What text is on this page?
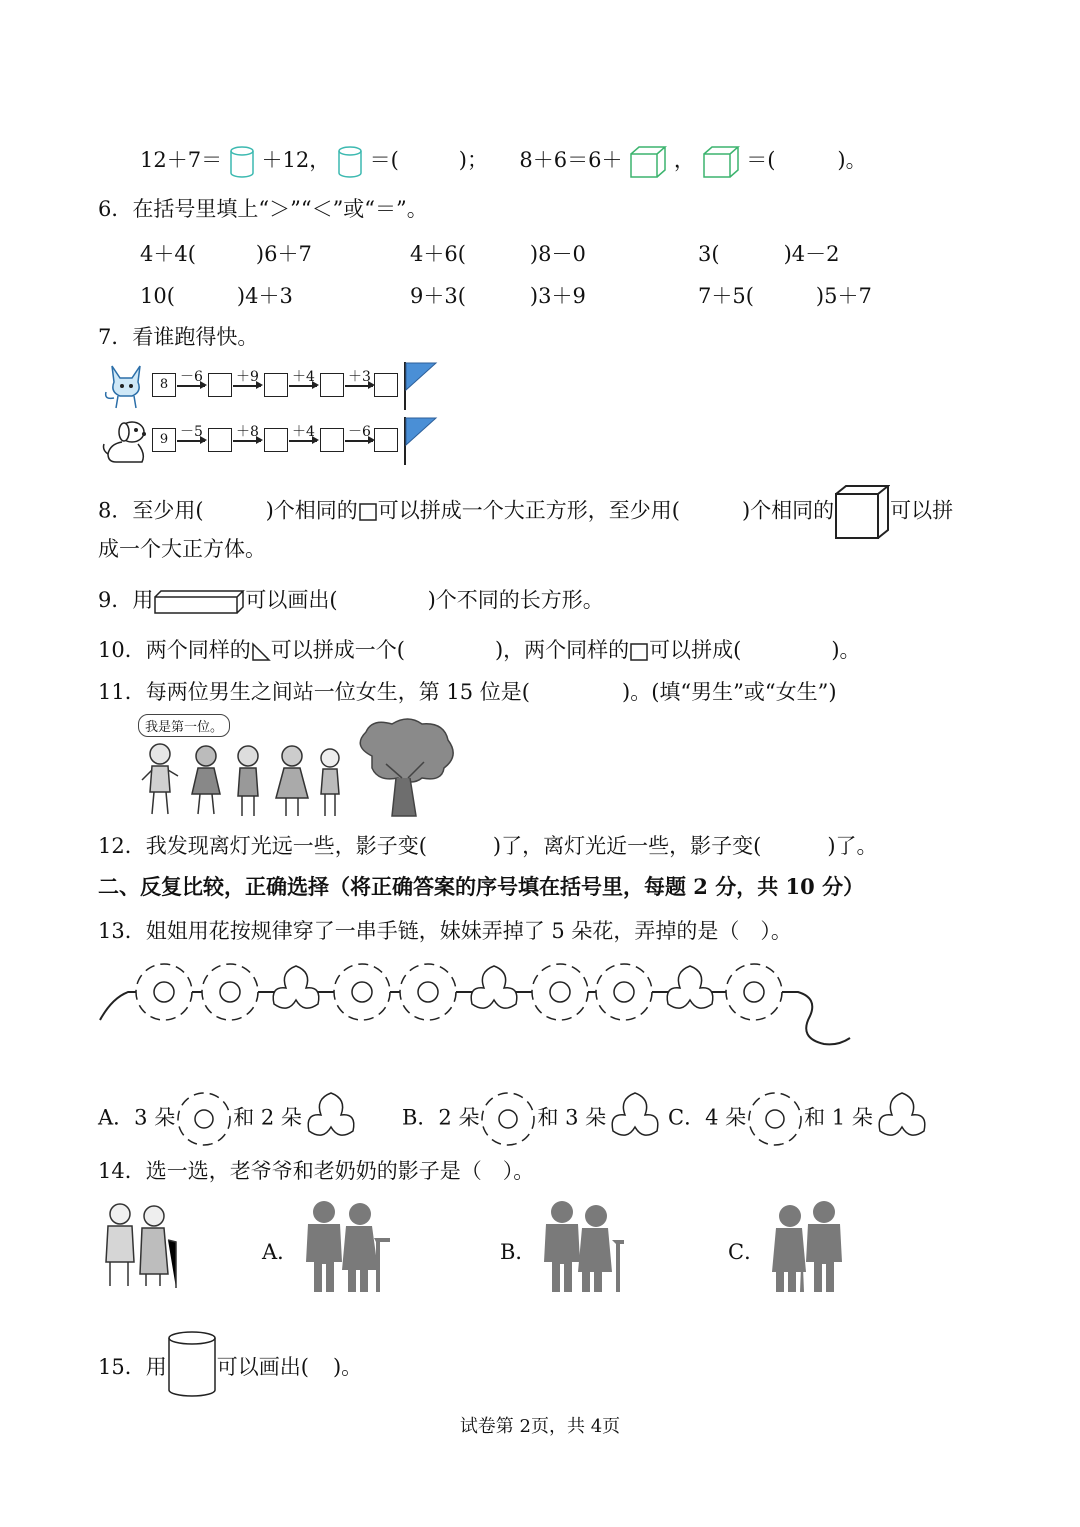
12＋7＝ ＋12， ＝(	)； 8＋6＝6＋ ， ＝(	)。
6．在括号里填上“＞”“＜”或“＝”。
4＋4(	)6＋7	4＋6(	)8－0	3(	)4－2
10(	)4＋3	9＋3(	)3＋9	7＋5(	)5＋7
7．看谁跑得快。
8 －6 ＋9 ＋4 ＋3
9 －5 ＋8 ＋4 －6
8．至少用(	)个相同的 可以拼成一个大正方形，至少用(	)个相同的	可以拼
成一个大正方体。
9．用	可以画出(	)个不同的长方形。
10．两个同样的 可以拼成一个(	)，两个同样的 可以拼成(	)。
11．每两位男生之间站一位女生，第 15 位是(	)。(填“男生”或“女生”)
我是第一位。
12．我发现离灯光远一些，影子变(	)了，离灯光近一些，影子变(	)了。
二、反复比较，正确选择（将正确答案的序号填在括号里，每题 2 分，共 10 分）
13．姐姐用花按规律穿了一串手链，妹妹弄掉了 5 朵花，弄掉的是（　）。
A．3 朵	和 2 朵	B．2 朵	和 3 朵	C．4 朵	和 1 朵
14．选一选，老爷爷和老奶奶的影子是（　）。
A．	B．	C．
15．用 可以画出( )。
试卷第 2页，共 4页
